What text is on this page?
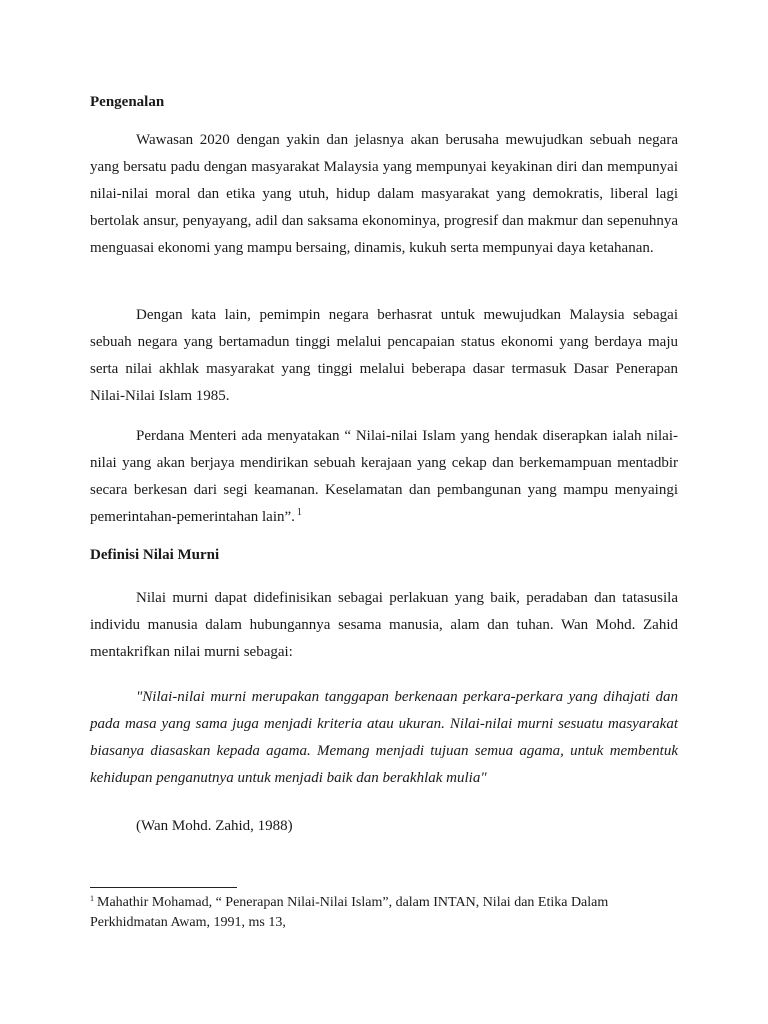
Pengenalan

Wawasan 2020 dengan yakin dan jelasnya akan berusaha mewujudkan sebuah negara yang bersatu padu dengan masyarakat Malaysia yang mempunyai keyakinan diri dan mempunyai nilai-nilai moral dan etika yang utuh, hidup dalam masyarakat yang demokratis, liberal lagi bertolak ansur, penyayang, adil dan saksama ekonominya, progresif dan makmur dan sepenuhnya menguasai ekonomi yang mampu bersaing, dinamis, kukuh serta mempunyai daya ketahanan.

Dengan kata lain, pemimpin negara berhasrat untuk mewujudkan Malaysia sebagai sebuah negara yang bertamadun tinggi melalui pencapaian status ekonomi yang berdaya maju serta nilai akhlak masyarakat yang tinggi melalui beberapa dasar termasuk Dasar Penerapan Nilai-Nilai Islam 1985.

Perdana Menteri ada menyatakan “ Nilai-nilai Islam yang hendak diserapkan ialah nilai-nilai yang akan berjaya mendirikan sebuah kerajaan yang cekap dan berkemampuan mentadbir secara berkesan dari segi keamanan. Keselamatan dan pembangunan yang mampu menyaingi pemerintahan-pemerintahan lain”. $^1$

Definisi Nilai Murni

Nilai murni dapat didefinisikan sebagai perlakuan yang baik, peradaban dan tatasusila individu manusia dalam hubungannya sesama manusia, alam dan tuhan. Wan Mohd. Zahid mentakrifkan nilai murni sebagai:

"Nilai-nilai murni merupakan tanggapan berkenaan perkara-perkara yang dihajati dan pada masa yang sama juga menjadi kriteria atau ukuran. Nilai-nilai murni sesuatu masyarakat biasanya diasaskan kepada agama. Memang menjadi tujuan semua agama, untuk membentuk kehidupan penganutnya untuk menjadi baik dan berakhlak mulia"

(Wan Mohd. Zahid, 1988)

$^1$ Mahathir Mohamad, “ Penerapan Nilai-Nilai Islam”, dalam INTAN, Nilai dan Etika Dalam Perkhidmatan Awam, 1991, ms 13,
